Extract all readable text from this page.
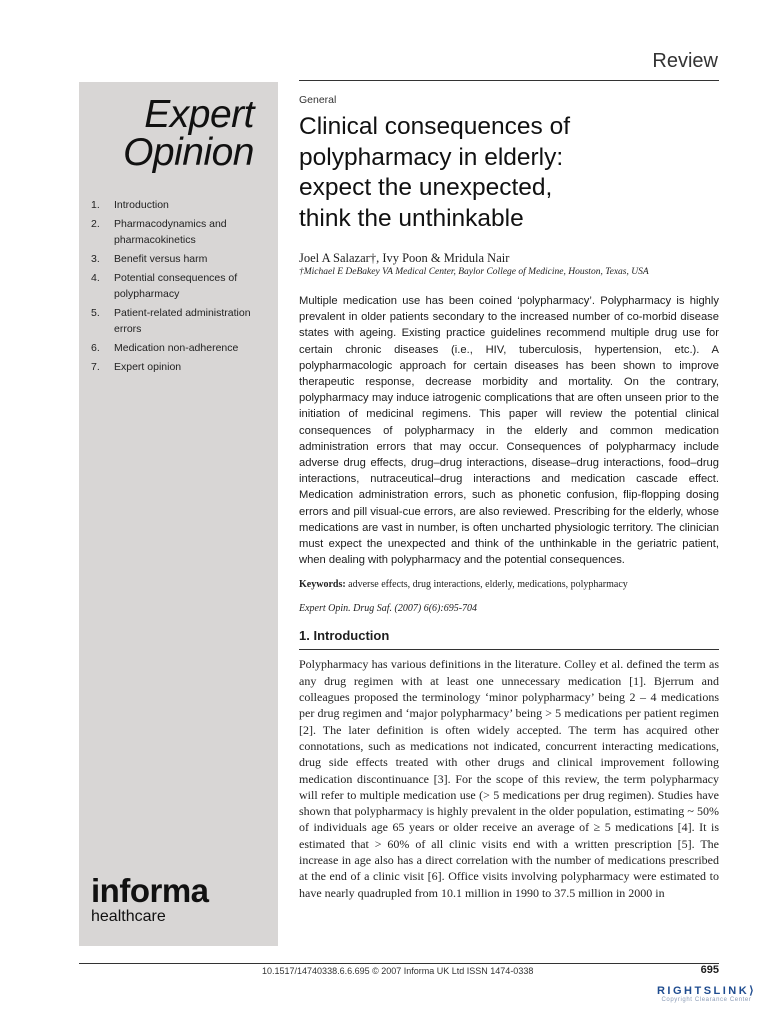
Review
Expert
Opinion
1.	Introduction
2.	Pharmacodynamics and pharmacokinetics
3.	Benefit versus harm
4.	Potential consequences of polypharmacy
5.	Patient-related administration errors
6.	Medication non-adherence
7.	Expert opinion
informa
healthcare

General

Clinical consequences of
polypharmacy in elderly:
expect the unexpected,
think the unthinkable

Joel A Salazar†, Ivy Poon & Mridula Nair

†Michael E DeBakey VA Medical Center, Baylor College of Medicine, Houston, Texas, USA

Multiple medication use has been coined ‘polypharmacy’. Polypharmacy is highly prevalent in older patients secondary to the increased number of co-morbid disease states with ageing. Existing practice guidelines recommend multiple drug use for certain chronic diseases (i.e., HIV, tuberculosis, hypertension, etc.). A polypharmacologic approach for certain diseases has been shown to improve therapeutic response, decrease morbidity and mortality. On the contrary, polypharmacy may induce iatrogenic complications that are often unseen prior to the initiation of medicinal regimens. This paper will review the potential clinical consequences of polypharmacy in the elderly and common medication administration errors that may occur. Consequences of polypharmacy include adverse drug effects, drug–drug interactions, disease–drug interactions, food–drug interactions, nutraceutical–drug interactions and medication cascade effect. Medication administration errors, such as phonetic confusion, flip-flopping dosing errors and pill visual-cue errors, are also reviewed. Prescribing for the elderly, whose medications are vast in number, is often uncharted physiologic territory. The clinician must expect the unexpected and think of the unthinkable in the geriatric patient, when dealing with polypharmacy and the potential consequences.

Keywords: adverse effects, drug interactions, elderly, medications, polypharmacy

Expert Opin. Drug Saf. (2007) 6(6):695-704

1. Introduction

Polypharmacy has various definitions in the literature. Colley et al. defined the term as any drug regimen with at least one unnecessary medication [1]. Bjerrum and colleagues proposed the terminology ‘minor polypharmacy’ being 2 – 4 medications per drug regimen and ‘major polypharmacy’ being > 5 medications per patient regimen [2]. The later definition is often widely accepted. The term has acquired other connotations, such as medications not indicated, concurrent interacting medications, drug side effects treated with other drugs and clinical improvement following medication discontinuance [3]. For the scope of this review, the term polypharmacy will refer to multiple medication use (> 5 medications per drug regimen). Studies have shown that polypharmacy is highly prevalent in the older population, estimating ~ 50% of individuals age 65 years or older receive an average of ≥ 5 medications [4]. It is estimated that > 60% of all clinic visits end with a written prescription [5]. The increase in age also has a direct correlation with the number of medications prescribed at the end of a clinic visit [6]. Office visits involving polypharmacy were estimated to have nearly quadrupled from 10.1 million in 1990 to 37.5 million in 2000 in

10.1517/14740338.6.6.695 © 2007 Informa UK Ltd ISSN 1474-0338	695
RIGHTSLINK⟩
Copyright Clearance Center
